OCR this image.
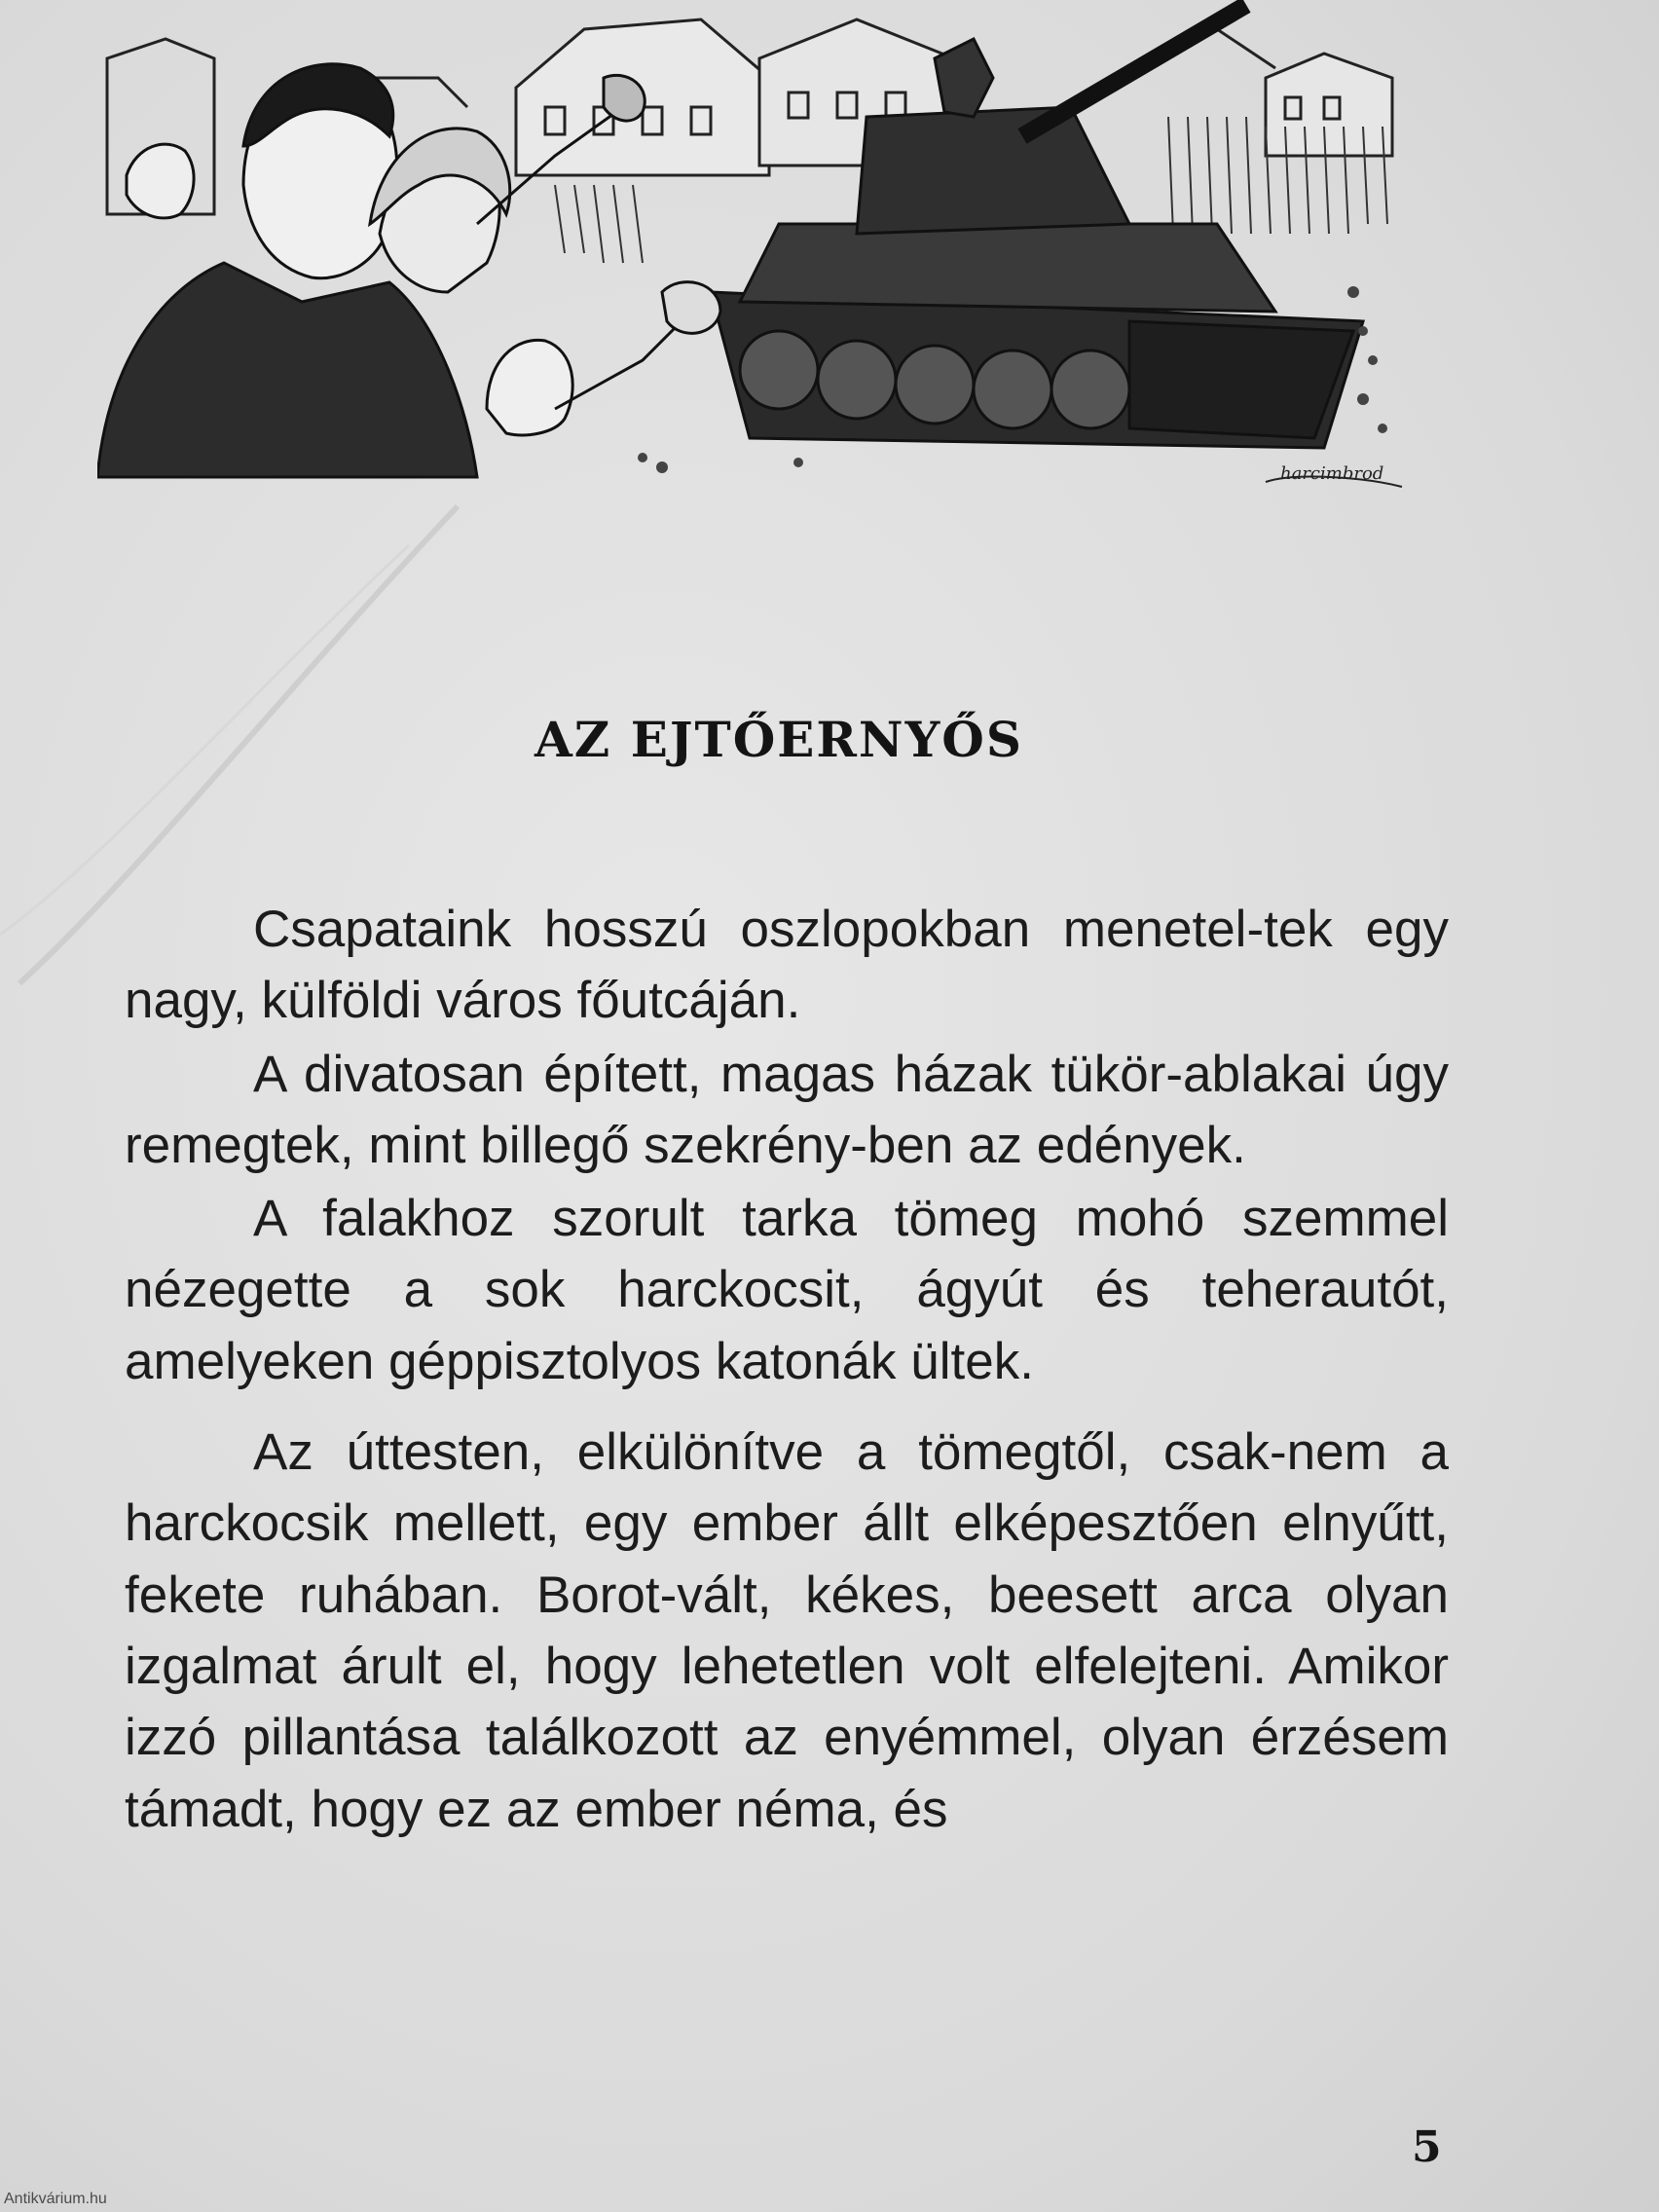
harcimbrod
AZ EJTŐERNYŐS

Csapataink hosszú oszlopokban menetel-tek egy nagy, külföldi város főutcáján.

A divatosan épített, magas házak tükör-ablakai úgy remegtek, mint billegő szekrény-ben az edények.

A falakhoz szorult tarka tömeg mohó szemmel nézegette a sok harckocsit, ágyút és teherautót, amelyeken géppisztolyos katonák ültek.

Az úttesten, elkülönítve a tömegtől, csak-nem a harckocsik mellett, egy ember állt elképesztően elnyűtt, fekete ruhában. Borot-vált, kékes, beesett arca olyan izgalmat árult el, hogy lehetetlen volt elfelejteni. Amikor izzó pillantása találkozott az enyémmel, olyan érzésem támadt, hogy ez az ember néma, és

5
Antikvárium.hu
